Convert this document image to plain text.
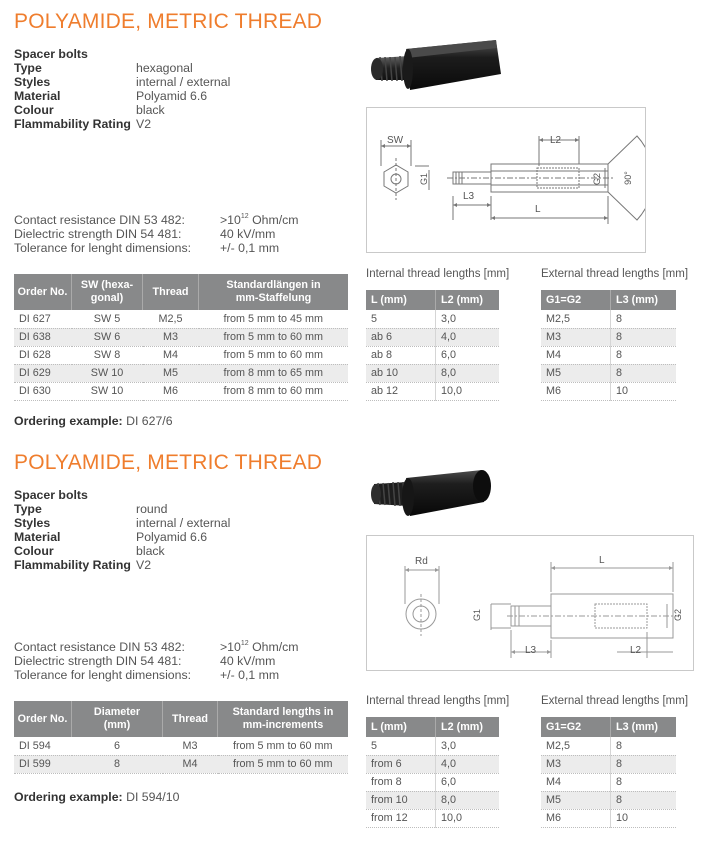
POLYAMIDE, METRIC THREAD
Spacer bolts
Type	hexagonal
Styles	internal / external
Material	Polyamid 6.6
Colour	black
Flammability Rating V2
SW	L2
G1	G2 90°
L3
L
Contact resistance DIN 53 482:	$>10^{12}$ Ohm/cm
Dielectric strength DIN 54 481:	40 kV/mm
Tolerance for lenght dimensions: +/- 0,1 mm
Order No.	SW (hexa-
gonal)	Thread	Standardlängen in
mm-Staffelung
DI 627	SW 5	M2,5	from 5 mm to 45 mm
DI 638	SW 6	M3	from 5 mm to 60 mm
DI 628	SW 8	M4	from 5 mm to 60 mm
DI 629	SW 10	M5	from 8 mm to 65 mm
DI 630	SW 10	M6	from 8 mm to 60 mm
Internal thread lengths [mm]
L (mm)	L2 (mm)
5	3,0
ab 6	4,0
ab 8	6,0
ab 10	8,0
ab 12	10,0
External thread lengths [mm]
G1=G2	L3 (mm)
M2,5	8
M3	8
M4	8
M5	8
M6	10
Ordering example: DI 627/6
POLYAMIDE, METRIC THREAD
Spacer bolts
Type	round
Styles	internal / external
Material	Polyamid 6.6
Colour	black
Flammability Rating V2	Rd	L
G1	G2
L3	L2
Contact resistance DIN 53 482:	$>10^{12}$ Ohm/cm
Dielectric strength DIN 54 481:	40 kV/mm
Tolerance for lenght dimensions: +/- 0,1 mm
Order No.	Diameter
(mm)	Thread	Standard lengths in
mm-increments
DI 594	6	M3	from 5 mm to 60 mm
DI 599	8	M4	from 5 mm to 60 mm
Internal thread lengths [mm]
L (mm)	L2 (mm)
5	3,0
from 6	4,0
from 8	6,0
from 10	8,0
from 12	10,0
External thread lengths [mm]
G1=G2	L3 (mm)
M2,5	8
M3	8
M4	8
M5	8
M6	10
Ordering example: DI 594/10
